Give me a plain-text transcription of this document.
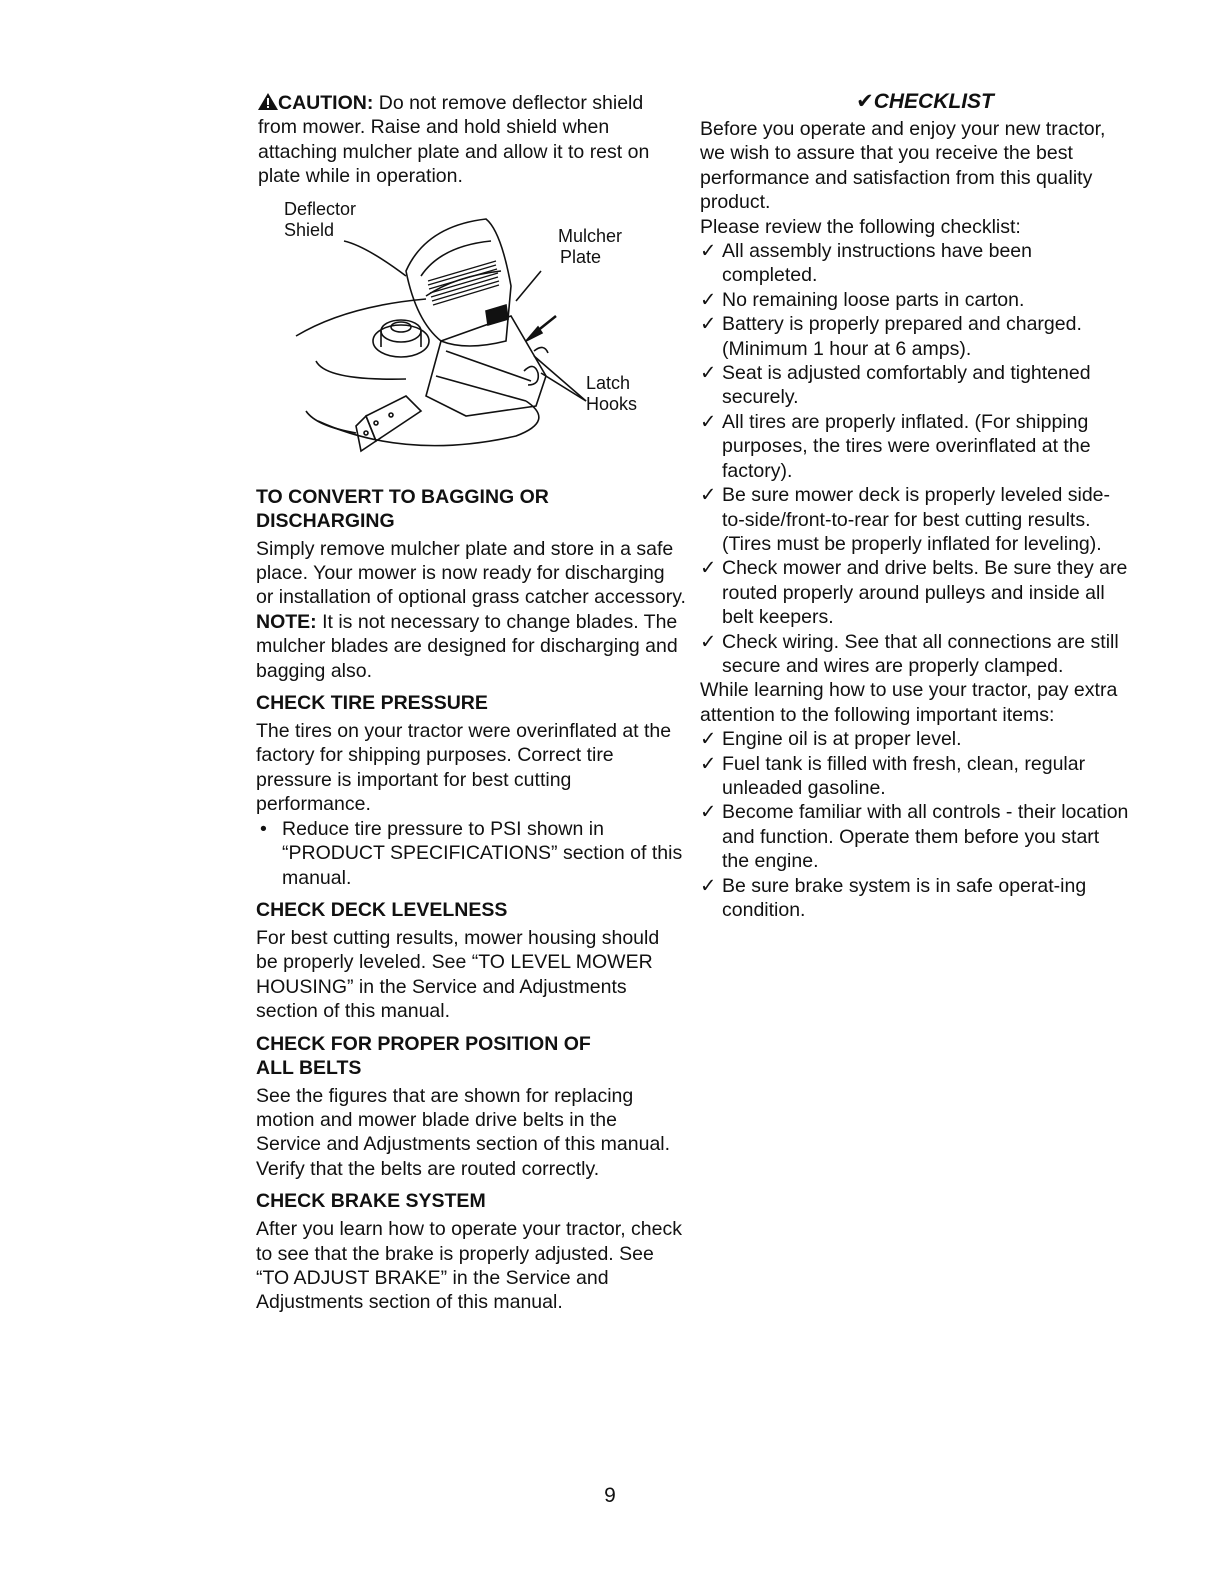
CAUTION: Do not remove deflector shield from mower. Raise and hold shield when attaching mulcher plate and allow it to rest on plate while in operation.

Deflector
Shield	Mulcher
Plate
Latch
Hooks
TO CONVERT TO BAGGING OR
DISCHARGING

Simply remove mulcher plate and store in a safe place. Your mower is now ready for discharging or installation of optional grass catcher accessory.

NOTE: It is not necessary to change blades. The mulcher blades are designed for discharging and bagging also.

CHECK TIRE PRESSURE

The tires on your tractor were overinflated at the factory for shipping purposes. Correct tire pressure is important for best cutting performance.

• Reduce tire pressure to PSI shown in “PRODUCT SPECIFICATIONS” section of this manual.
CHECK DECK LEVELNESS

For best cutting results, mower housing should be properly leveled. See “TO LEVEL MOWER HOUSING” in the Service and Adjustments section of this manual.

CHECK FOR PROPER POSITION OF
ALL BELTS

See the figures that are shown for replacing motion and mower blade drive belts in the Service and Adjustments section of this manual. Verify that the belts are routed correctly.

CHECK BRAKE SYSTEM

After you learn how to operate your tractor, check to see that the brake is properly adjusted. See “TO ADJUST BRAKE” in the Service and Adjustments section of this manual.

✔CHECKLIST

Before you operate and enjoy your new tractor, we wish to assure that you receive the best performance and satisfaction from this quality product.

Please review the following checklist:

✓ All assembly instructions have been completed.
✓ No remaining loose parts in carton.
✓ Battery is properly prepared and charged.(Minimum 1 hour at 6 amps).
✓ Seat is adjusted comfortably and tightened securely.
✓ All tires are properly inflated. (For shipping purposes, the tires were overinflated at the factory).
✓ Be sure mower deck is properly leveled side-to-side/front-to-rear for best cutting results. (Tires must be properly inflated for leveling).
✓ Check mower and drive belts. Be sure they are routed properly around pulleys and inside all belt keepers.
✓ Check wiring. See that all connections are still secure and wires are properly clamped.

While learning how to use your tractor, pay extra attention to the following important items:

✓ Engine oil is at proper level.
✓ Fuel tank is filled with fresh, clean, regular unleaded gasoline.
✓ Become familiar with all controls - their location and function. Operate them before you start the engine.
✓ Be sure brake system is in safe operat-ing condition.
9
